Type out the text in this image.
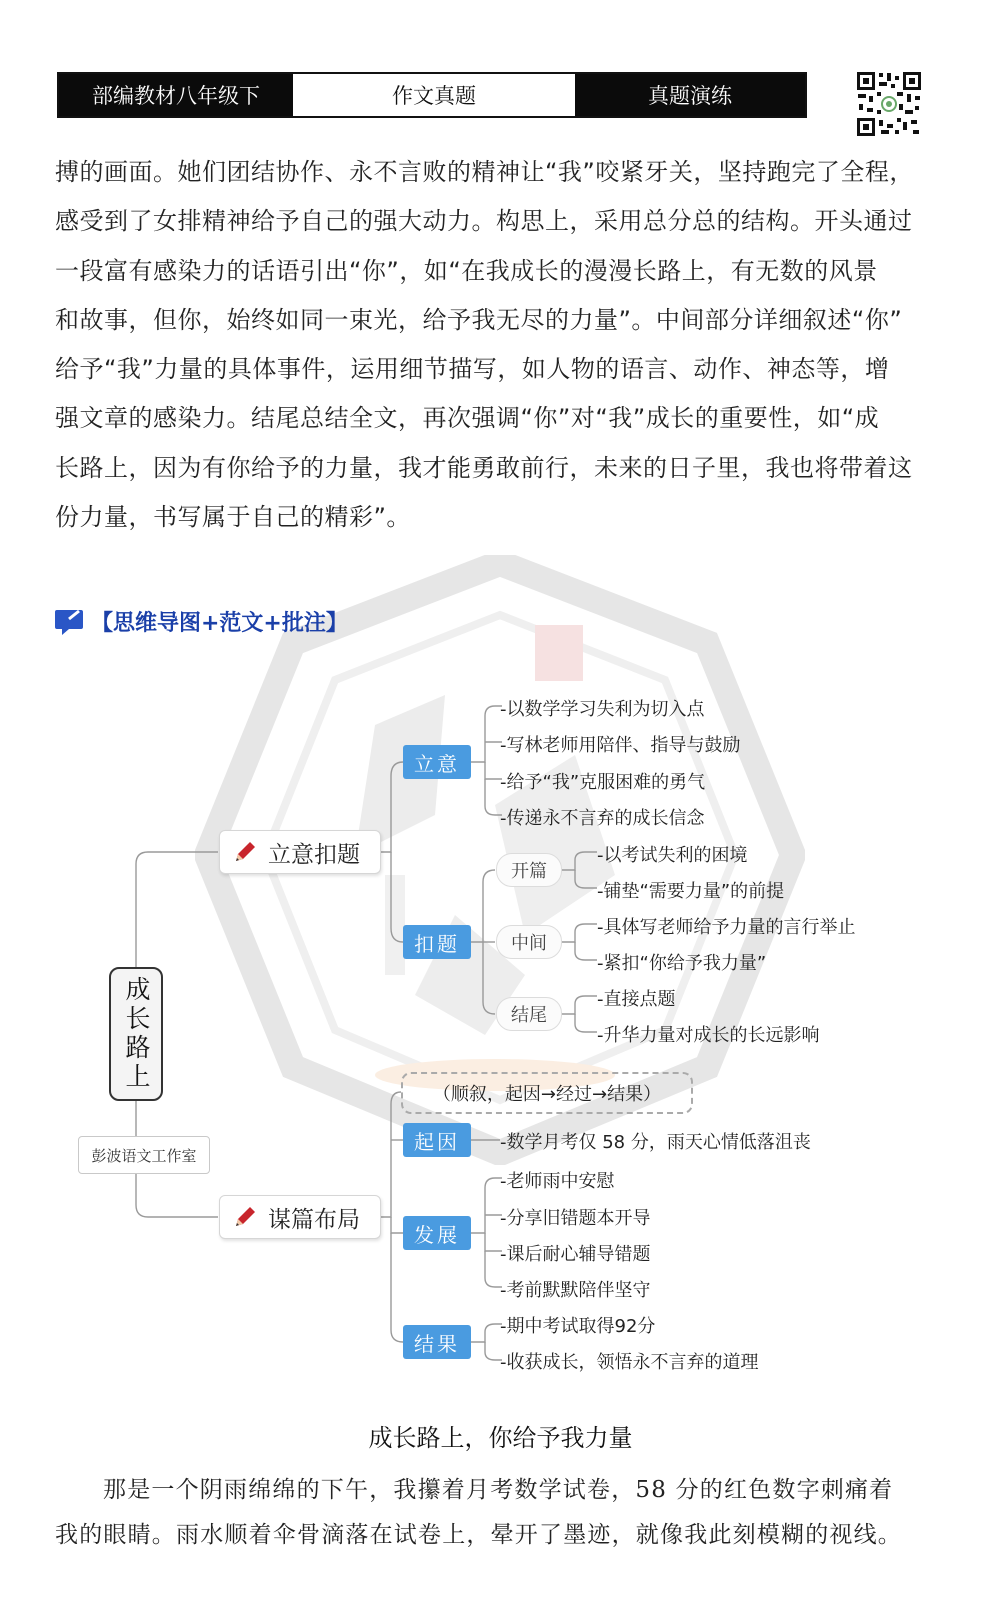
部编教材八年级下	作文真题	真题演练
搏的画面。她们团结协作、永不言败的精神让“我”咬紧牙关，坚持跑完了全程，
感受到了女排精神给予自己的强大动力。构思上，采用总分总的结构。开头通过
一段富有感染力的话语引出“你”，如“在我成长的漫漫长路上，有无数的风景
和故事，但你，始终如同一束光，给予我无尽的力量”。中间部分详细叙述“你”
给予“我”力量的具体事件，运用细节描写，如人物的语言、动作、神态等，增
强文章的感染力。结尾总结全文，再次强调“你”对“我”成长的重要性，如“成
长路上，因为有你给予的力量，我才能勇敢前行，未来的日子里，我也将带着这
份力量，书写属于自己的精彩”。
【思维导图+范文+批注】
成长路上
彭波语文工作室
立意扣题
谋篇布局
立意
-以数学学习失利为切入点
-写林老师用陪伴、指导与鼓励
-给予“我”克服困难的勇气
-传递永不言弃的成长信念
扣题
开篇
-以考试失利的困境
-铺垫“需要力量”的前提
中间
-具体写老师给予力量的言行举止
-紧扣“你给予我力量”
结尾
-直接点题
-升华力量对成长的长远影响
（顺叙，起因→经过→结果）
起因	-数学月考仅 58 分，雨天心情低落沮丧
发展
-老师雨中安慰
-分享旧错题本开导
-课后耐心辅导错题
-考前默默陪伴坚守
结果
-期中考试取得92分
-收获成长，领悟永不言弃的道理
成长路上，你给予我力量
那是一个阴雨绵绵的下午，我攥着月考数学试卷，58 分的红色数字刺痛着
我的眼睛。雨水顺着伞骨滴落在试卷上，晕开了墨迹，就像我此刻模糊的视线。
